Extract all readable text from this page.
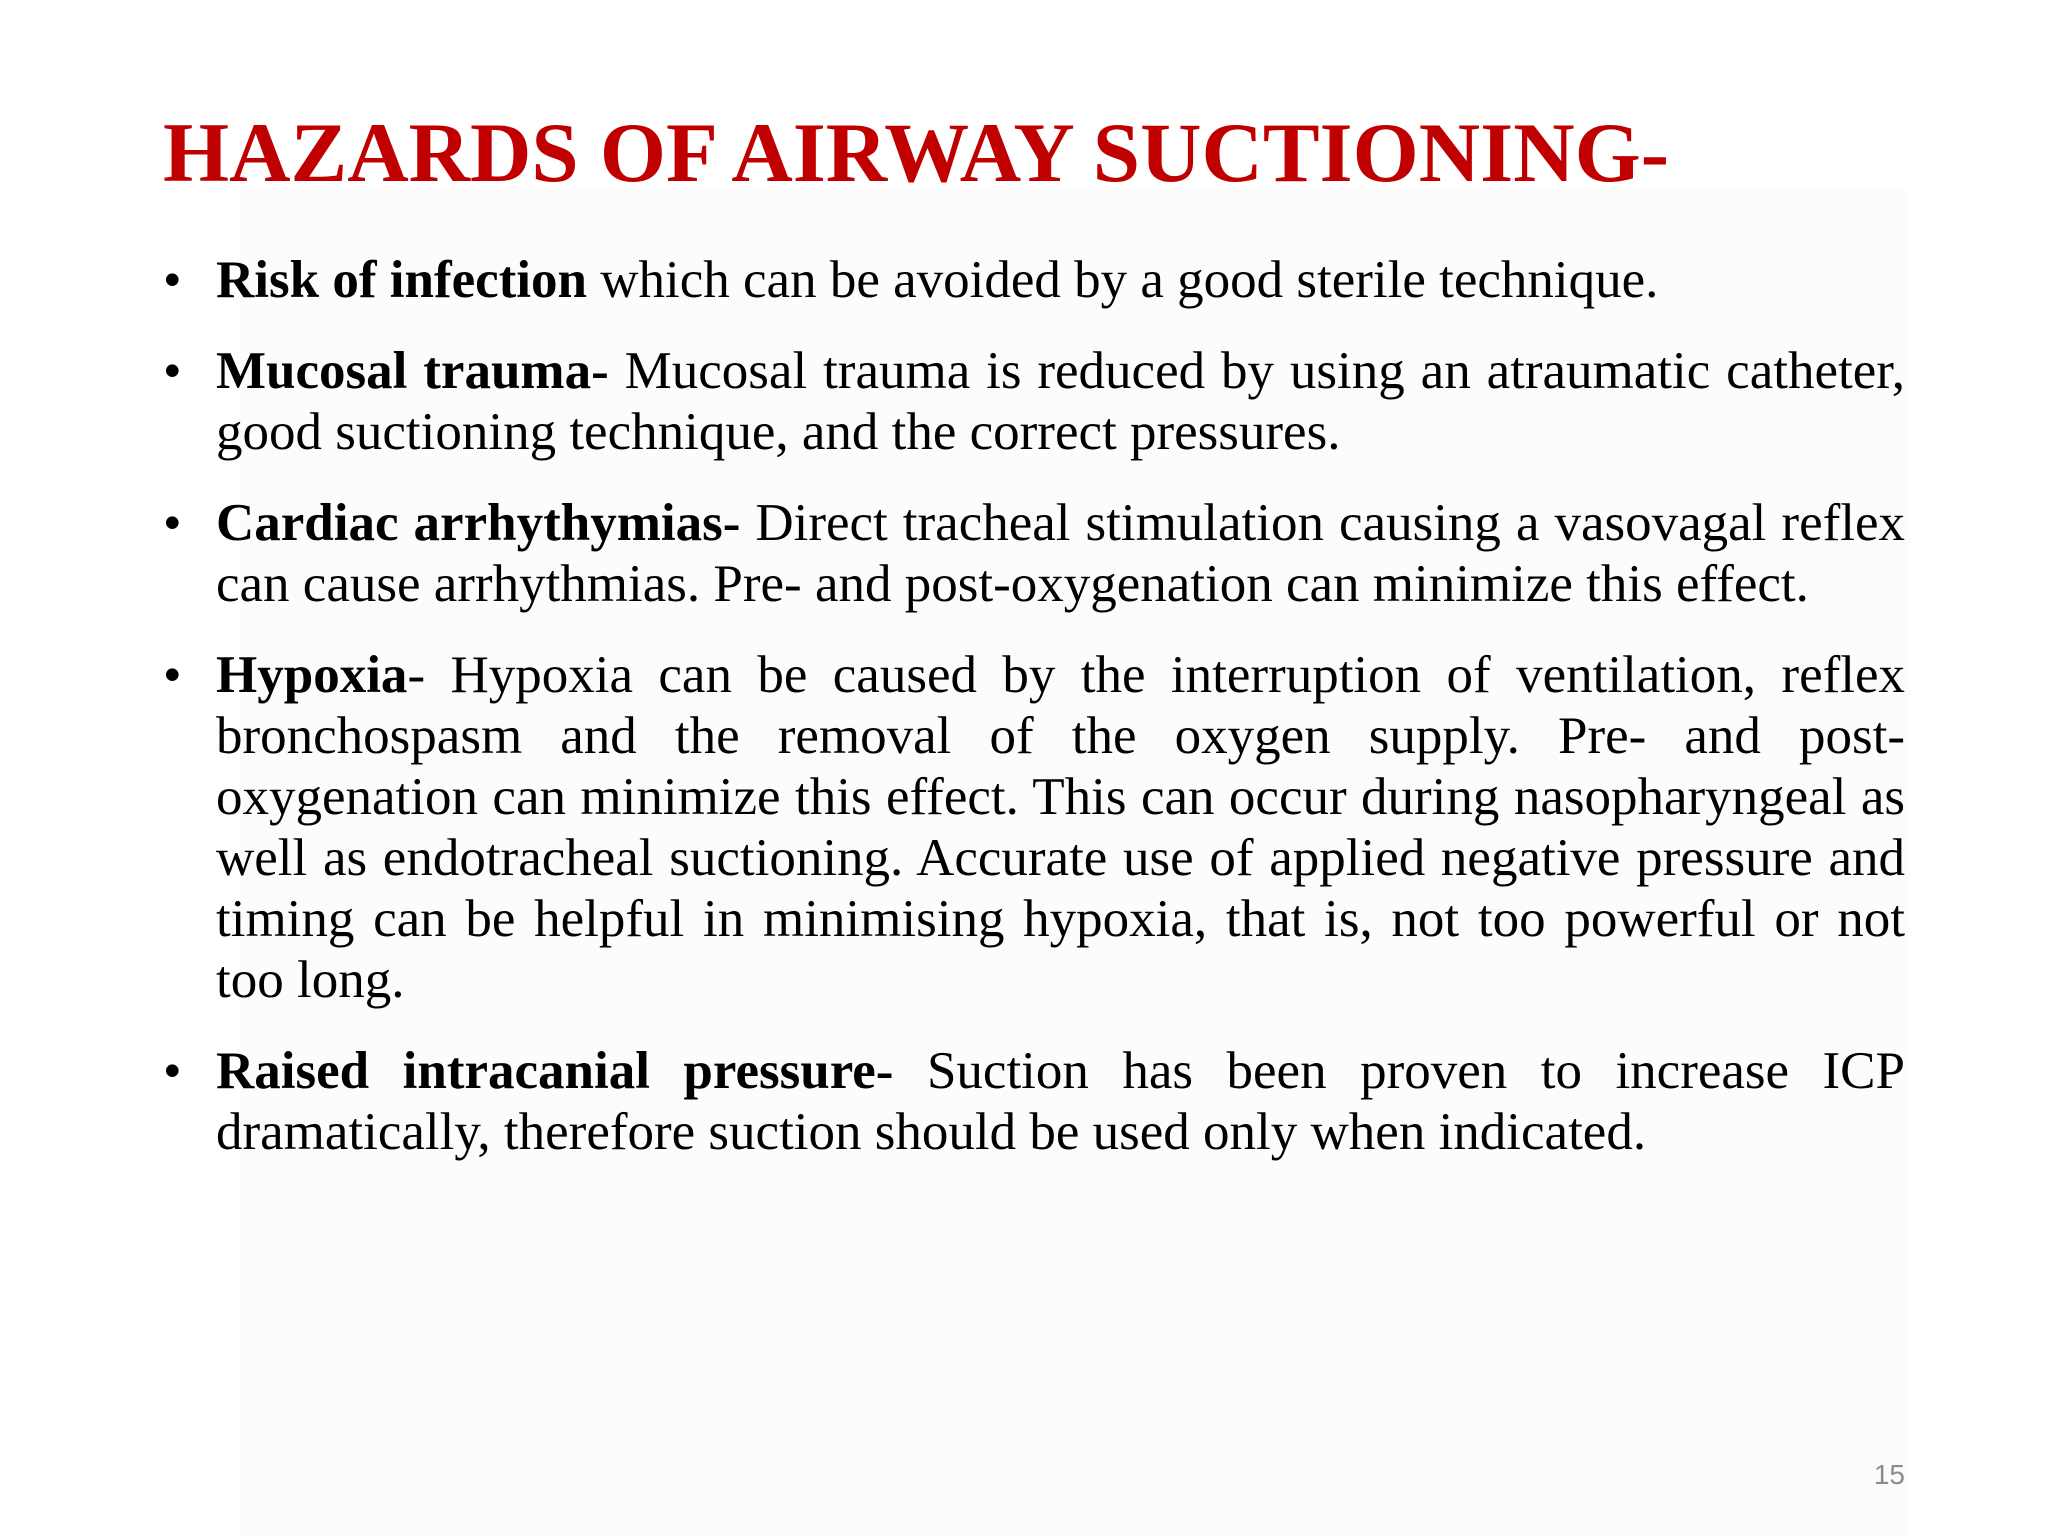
HAZARDS OF AIRWAY SUCTIONING-
• Risk of infection which can be avoided by a good sterile technique.
• Mucosal trauma- Mucosal trauma is reduced by using an atraumatic catheter, good suctioning technique, and the correct pressures.
• Cardiac arrhythymias- Direct tracheal stimulation causing a vasovagal reflex can cause arrhythmias. Pre- and post-oxygenation can minimize this effect.
• Hypoxia- Hypoxia can be caused by the interruption of ventilation, reflex bronchospasm and the removal of the oxygen supply. Pre- and post-oxygenation can minimize this effect. This can occur during nasopharyngeal as well as endotracheal suctioning. Accurate use of applied negative pressure and timing can be helpful in minimising hypoxia, that is, not too powerful or not too long.
• Raised intracanial pressure- Suction has been proven to increase ICP dramatically, therefore suction should be used only when indicated.
15
